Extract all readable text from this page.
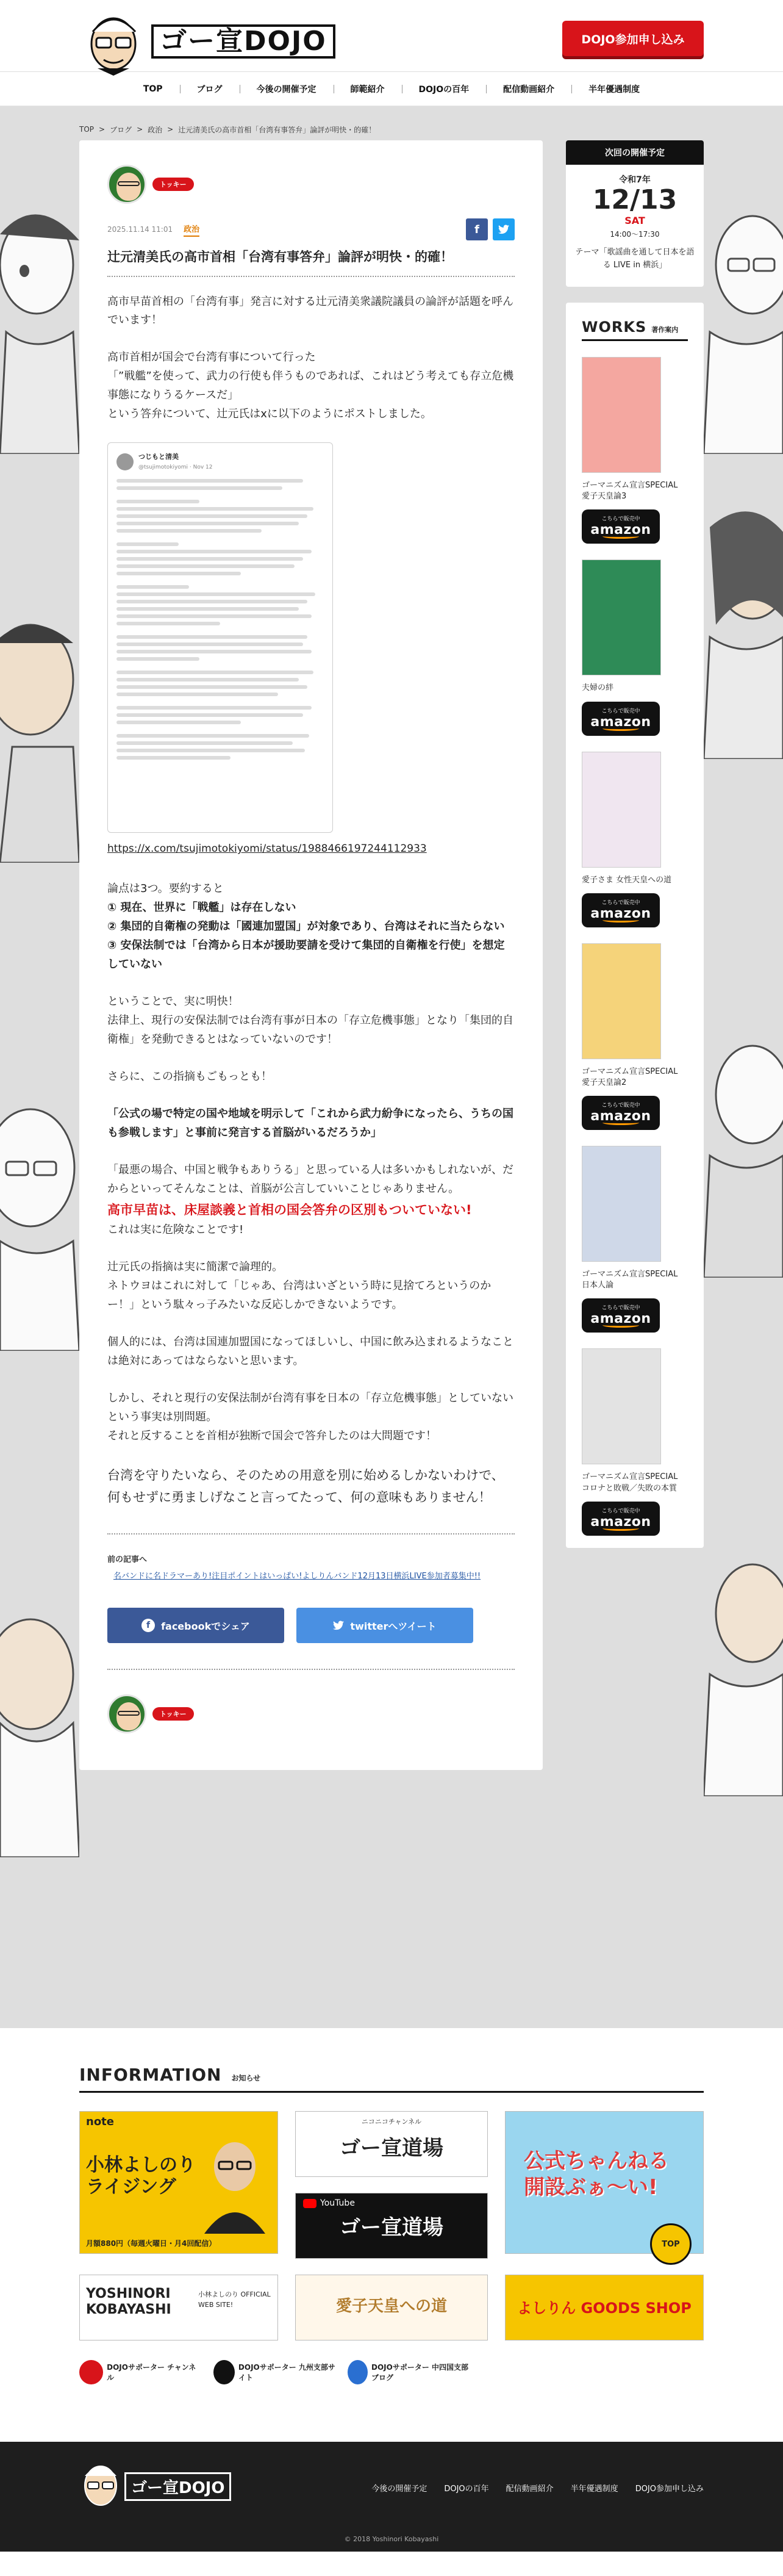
ゴー宣DOJO	DOJO参加申し込み
TOP	ブログ	今後の開催予定	師範紹介	DOJOの百年	配信動画紹介	半年優遇制度
TOP > ブログ > 政治 > 辻元清美氏の高市首相「台湾有事答弁」論評が明快・的確！
トッキー
2025.11.14 11:01 政治	f
辻元清美氏の高市首相「台湾有事答弁」論評が明快・的確！

高市早苗首相の「台湾有事」発言に対する辻元清美衆議院議員の論評が話題を呼んでいます！

高市首相が国会で台湾有事について行った
「”戦艦”を使って、武力の行使も伴うものであれば、これはどう考えても存立危機事態になりうるケースだ」
という答弁について、辻元氏はxに以下のようにポストしました。

つじもと清美
@tsujimotokiyomi · Nov 12
https://x.com/tsujimotokiyomi/status/1988466197244112933

論点は3つ。要約すると
① 現在、世界に「戦艦」は存在しない
② 集団的自衛権の発動は「國連加盟国」が対象であり、台湾はそれに当たらない
③ 安保法制では「台湾から日本が援助要請を受けて集団的自衛権を行使」を想定していない

ということで、実に明快！
法律上、現行の安保法制では台湾有事が日本の「存立危機事態」となり「集団的自衛権」を発動できるとはなっていないのです！

さらに、この指摘もごもっとも！

「公式の場で特定の国や地域を明示して「これから武力紛争になったら、うちの国も参戦します」と事前に発言する首脳がいるだろうか」

「最悪の場合、中国と戦争もありうる」と思っている人は多いかもしれないが、だからといってそんなことは、首脳が公言していいことじゃありません。
高市早苗は、床屋談義と首相の国会答弁の区別もついていない!
これは実に危険なことです!

辻元氏の指摘は実に簡潔で論理的。
ネトウヨはこれに対して「じゃあ、台湾はいざという時に見捨てろというのかー！」という駄々っ子みたいな反応しかできないようです。

個人的には、台湾は国連加盟国になってほしいし、中国に飲み込まれるようなことは絶対にあってはならないと思います。

しかし、それと現行の安保法制が台湾有事を日本の「存立危機事態」としていないという事実は別問題。
それと反することを首相が独断で国会で答弁したのは大問題です！

台湾を守りたいなら、そのための用意を別に始めるしかないわけで、何もせずに勇ましげなこと言ってたって、何の意味もありません！

前の記事へ
名バンドに名ドラマーあり!注目ポイントはいっぱい!よしりんバンド12月13日横浜LIVE参加者募集中!!
f	facebookでシェア	twitterへツイート
トッキー
次回の開催予定
令和7年
12/13
SAT
14:00〜17:30
テーマ「歌謡曲を通して日本を語る LIVE in 横浜」
WORKS 著作案内
ゴーマニズム宣言SPECIAL 愛子天皇論3
こちらで販売中
amazon
夫婦の絆
こちらで販売中
amazon
愛子さま 女性天皇への道
こちらで販売中
amazon
ゴーマニズム宣言SPECIAL 愛子天皇論2
こちらで販売中
amazon
ゴーマニズム宣言SPECIAL 日本人論
こちらで販売中
amazon
ゴーマニズム宣言SPECIAL コロナと敗戦／失敗の本質
こちらで販売中
amazon
INFORMATION お知らせ
note
小林よしのり ライジング
月額880円（毎週火曜日・月4回配信）
ニコニコチャンネル
ゴー宣道場
公式ちゃんねる 開設ぶぁ〜い!
YouTube
ゴー宣道場
YOSHINORI KOBAYASHI
小林よしのり OFFICIAL WEB SITE!	愛子天皇への道	よしりん GOODS SHOP
DOJOサポーター チャンネル
DOJOサポーター 九州支部サイト
DOJOサポーター 中四国支部ブログ
TOP
ゴー宣DOJO	今後の開催予定 DOJOの百年 配信動画紹介 半年優遇制度 DOJO参加申し込み
© 2018 Yoshinori Kobayashi
